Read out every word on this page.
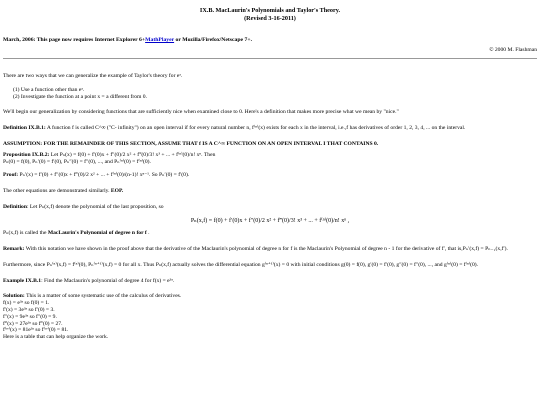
IX.B. MacLaurin's Polynomials and Taylor's Theory.
(Revised 3-16-2011)
March, 2006: This page now requires Internet Explorer 6+MathPlayer or Mozilla/Firefox/Netscape 7+.
© 2000 M. Flashman

There are two ways that we can generalize the example of Taylor's theory for eˣ.

(1) Use a function other than eˣ.

(2) Investigate the function at a point x = a different from 0.

We'll begin our generalization by considering functions that are sufficiently nice when examined close to 0. Here's a definition that makes more precise what we mean by "nice."

Definition IX.B.1: A function f is called C^∞ ("C- infinity") on an open interval if for every natural number n, f⁽ⁿ⁾(x) exists for each x in the interval, i.e.,f has derivatives of order 1, 2, 3, 4, ... on the interval.

ASSUMPTION: FOR THE REMAINDER OF THIS SECTION, ASSUME THAT f IS A C^∞ FUNCTION ON AN OPEN INTERVAL I THAT CONTAINS 0.

Proposition IX.B.2: Let Pₙ(x) = f(0) + f′(0)x + f″(0)/2 x² + f‴(0)/3! x³ + ... + f⁽ⁿ⁾(0)/n! xⁿ. Then

Pₙ(0) = f(0), Pₙ′(0) = f′(0), Pₙ″(0) = f″(0), ..., and Pₙ⁽ⁿ⁾(0) = f⁽ⁿ⁾(0).

Proof: Pₙ′(x) = f′(0) + f″(0)x + f‴(0)/2 x² + ... + f⁽ⁿ⁾(0)/(n-1)! xⁿ⁻¹. So Pₙ′(0) = f′(0).

The other equations are demonstrated similarly. EOP.

Definition: Let Pₙ(x,f) denote the polynomial of the last proposition, so

Pₙ(x,f) = f(0) + f′(0)x + f″(0)/2 x² + f‴(0)/3! x³ + ... + f⁽ⁿ⁾(0)/n! xⁿ ,

Pₙ(x,f) is called the MacLaurin's Polynomial of degree n for f .

Remark: With this notation we have shown in the proof above that the derivative of the Maclaurin's polynomial of degree n for f is the Maclaurin's Polynomial of degree n - 1 for the derivative of f′, that is,Pₙ′(x,f) = Pₙ₋₁(x,f′).

Furthermore, since Pₙ⁽ⁿ⁾(x,f) = f⁽ⁿ⁾(0), Pₙ⁽ⁿ⁺¹⁾(x,f) = 0 for all x. Thus Pₙ(x,f) actually solves the differential equation g⁽ⁿ⁺¹⁾(x) = 0 with initial conditions g(0) = f(0), g′(0) = f′(0), g″(0) = f″(0), ..., and g⁽ⁿ⁾(0) = f⁽ⁿ⁾(0).

Example IX.B.1: Find the Maclaurin's polynomial of degree 4 for f(x) = e³ˣ.

Solution: This is a matter of some systematic use of the calculus of derivatives.

f(x) = e³ˣ so f(0) = 1.

f′(x) = 3e³ˣ so f′(0) = 3.

f″(x) = 9e³ˣ so f″(0) = 9.

f‴(x) = 27e³ˣ so f‴(0) = 27.

f⁽ᶦᵛ⁾(x) = 81e³ˣ so f⁽ᶦᵛ⁾(0) = 81.

Here is a table that can help organize the work.
